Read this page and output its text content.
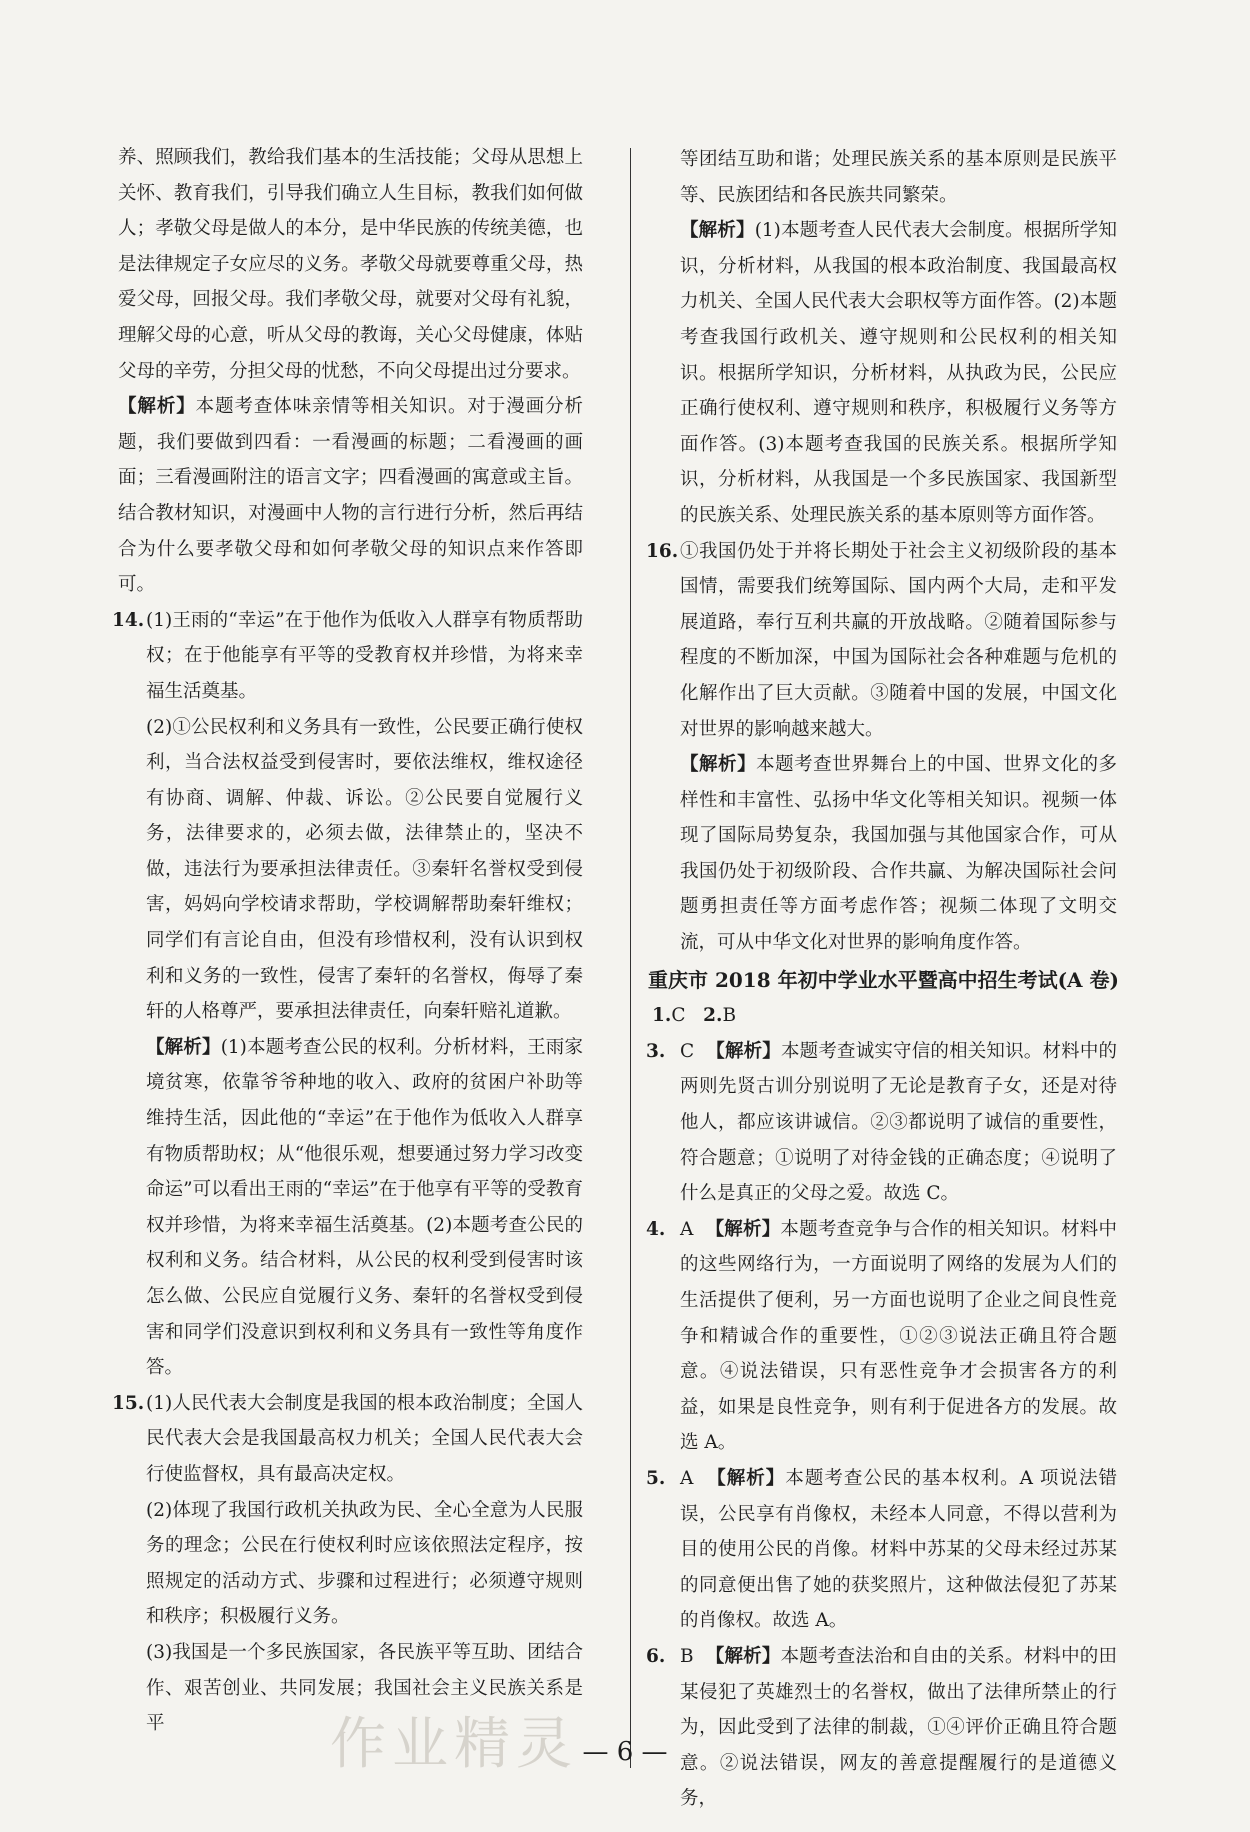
养、照顾我们，教给我们基本的生活技能；父母从思想上关怀、教育我们，引导我们确立人生目标，教我们如何做人；孝敬父母是做人的本分，是中华民族的传统美德，也是法律规定子女应尽的义务。孝敬父母就要尊重父母，热爱父母，回报父母。我们孝敬父母，就要对父母有礼貌，理解父母的心意，听从父母的教诲，关心父母健康，体贴父母的辛劳，分担父母的忧愁，不向父母提出过分要求。

【解析】本题考查体味亲情等相关知识。对于漫画分析题，我们要做到四看：一看漫画的标题；二看漫画的画面；三看漫画附注的语言文字；四看漫画的寓意或主旨。结合教材知识，对漫画中人物的言行进行分析，然后再结合为什么要孝敬父母和如何孝敬父母的知识点来作答即可。

14. (1)王雨的“幸运”在于他作为低收入人群享有物质帮助权；在于他能享有平等的受教育权并珍惜，为将来幸福生活奠基。

(2)①公民权利和义务具有一致性，公民要正确行使权利，当合法权益受到侵害时，要依法维权，维权途径有协商、调解、仲裁、诉讼。②公民要自觉履行义务，法律要求的，必须去做，法律禁止的，坚决不做，违法行为要承担法律责任。③秦轩名誉权受到侵害，妈妈向学校请求帮助，学校调解帮助秦轩维权；同学们有言论自由，但没有珍惜权利，没有认识到权利和义务的一致性，侵害了秦轩的名誉权，侮辱了秦轩的人格尊严，要承担法律责任，向秦轩赔礼道歉。

【解析】(1)本题考查公民的权利。分析材料，王雨家境贫寒，依靠爷爷种地的收入、政府的贫困户补助等维持生活，因此他的“幸运”在于他作为低收入人群享有物质帮助权；从“他很乐观，想要通过努力学习改变命运”可以看出王雨的“幸运”在于他享有平等的受教育权并珍惜，为将来幸福生活奠基。(2)本题考查公民的权利和义务。结合材料，从公民的权利受到侵害时该怎么做、公民应自觉履行义务、秦轩的名誉权受到侵害和同学们没意识到权利和义务具有一致性等角度作答。

15. (1)人民代表大会制度是我国的根本政治制度；全国人民代表大会是我国最高权力机关；全国人民代表大会行使监督权，具有最高决定权。

(2)体现了我国行政机关执政为民、全心全意为人民服务的理念；公民在行使权利时应该依照法定程序，按照规定的活动方式、步骤和过程进行；必须遵守规则和秩序；积极履行义务。

(3)我国是一个多民族国家，各民族平等互助、团结合作、艰苦创业、共同发展；我国社会主义民族关系是平

等团结互助和谐；处理民族关系的基本原则是民族平等、民族团结和各民族共同繁荣。

【解析】(1)本题考查人民代表大会制度。根据所学知识，分析材料，从我国的根本政治制度、我国最高权力机关、全国人民代表大会职权等方面作答。(2)本题考查我国行政机关、遵守规则和公民权利的相关知识。根据所学知识，分析材料，从执政为民，公民应正确行使权利、遵守规则和秩序，积极履行义务等方面作答。(3)本题考查我国的民族关系。根据所学知识，分析材料，从我国是一个多民族国家、我国新型的民族关系、处理民族关系的基本原则等方面作答。

16. ①我国仍处于并将长期处于社会主义初级阶段的基本国情，需要我们统筹国际、国内两个大局，走和平发展道路，奉行互利共赢的开放战略。②随着国际参与程度的不断加深，中国为国际社会各种难题与危机的化解作出了巨大贡献。③随着中国的发展，中国文化对世界的影响越来越大。

【解析】本题考查世界舞台上的中国、世界文化的多样性和丰富性、弘扬中华文化等相关知识。视频一体现了国际局势复杂，我国加强与其他国家合作，可从我国仍处于初级阶段、合作共赢、为解决国际社会问题勇担责任等方面考虑作答；视频二体现了文明交流，可从中华文化对世界的影响角度作答。

重庆市 2018 年初中学业水平暨高中招生考试(A 卷)

1.C 2.B

3. C 【解析】本题考查诚实守信的相关知识。材料中的两则先贤古训分别说明了无论是教育子女，还是对待他人，都应该讲诚信。②③都说明了诚信的重要性，符合题意；①说明了对待金钱的正确态度；④说明了什么是真正的父母之爱。故选 C。

4. A 【解析】本题考查竞争与合作的相关知识。材料中的这些网络行为，一方面说明了网络的发展为人们的生活提供了便利，另一方面也说明了企业之间良性竞争和精诚合作的重要性，①②③说法正确且符合题意。④说法错误，只有恶性竞争才会损害各方的利益，如果是良性竞争，则有利于促进各方的发展。故选 A。

5. A 【解析】本题考查公民的基本权利。A 项说法错误，公民享有肖像权，未经本人同意，不得以营利为目的使用公民的肖像。材料中苏某的父母未经过苏某的同意便出售了她的获奖照片，这种做法侵犯了苏某的肖像权。故选 A。

6. B 【解析】本题考查法治和自由的关系。材料中的田某侵犯了英雄烈士的名誉权，做出了法律所禁止的行为，因此受到了法律的制裁，①④评价正确且符合题意。②说法错误，网友的善意提醒履行的是道德义务，

作业精灵 — 6 —
